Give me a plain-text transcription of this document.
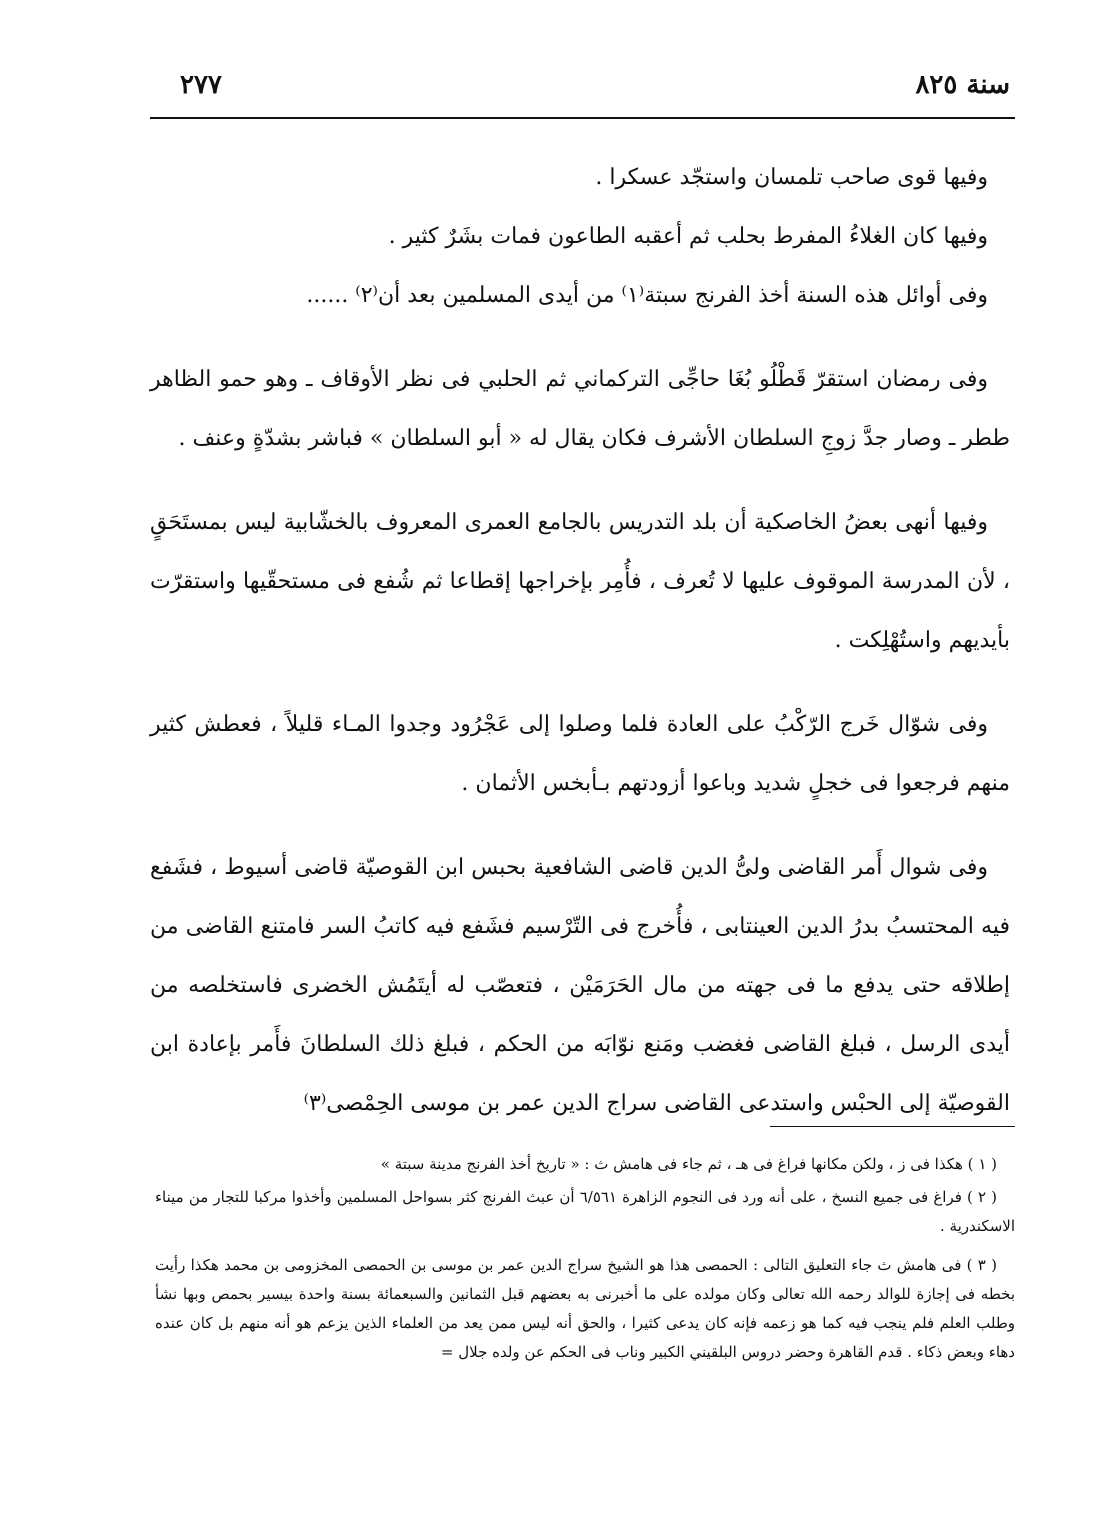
سنة ٨٢٥
٢٧٧

وفيها قوى صاحب تلمسان واستجّد عسكرا .

وفيها كان الغلاءُ المفرط بحلب ثم أعقبه الطاعون فمات بشَرٌ كثير .

وفى أوائل هذه السنة أخذ الفرنج سبتة⁽١⁾ من أيدى المسلمين بعد أن⁽٢⁾ ......

وفى رمضان استقرّ قَطْلُو بُغَا حاجِّى التركماني ثم الحلبي فى نظر الأوقاف ـ وهو حمو الظاهر ططر ـ وصار جدَّ زوجِ السلطان الأشرف فكان يقال له « أبو السلطان » فباشر بشدّةٍ وعنف .

وفيها أنهى بعضُ الخاصكية أن بلد التدريس بالجامع العمرى المعروف بالخشّابية ليس بمستَحَقٍ ، لأن المدرسة الموقوف عليها لا تُعرف ، فأُمِر بإخراجها إقطاعا ثم شُفع فى مستحقّيها واستقرّت بأيديهم واستُهْلِكت .

وفى شوّال خَرج الرّكْبُ على العادة فلما وصلوا إلى عَجْرُود وجدوا المـاء قليلاً ، فعطش كثير منهم فرجعوا فى خجلٍ شديد وباعوا أزودتهم بـأبخس الأثمان .

وفى شوال أَمر القاضى ولىُّ الدين قاضى الشافعية بحبس ابن القوصيّة قاضى أسيوط ، فشَفع فيه المحتسبُ بدرُ الدين العينتابى ، فأُخرج فى التّرْسيم فشَفع فيه كاتبُ السر فامتنع القاضى من إطلاقه حتى يدفع ما فى جهته من مال الحَرَمَيْن ، فتعصّب له أيتَمُش الخضرى فاستخلصه من أيدى الرسل ، فبلغ القاضى فغضب ومَنع نوّابَه من الحكم ، فبلغ ذلك السلطانَ فأَمر بإعادة ابن القوصيّة إلى الحبْس واستدعى القاضى سراج الدين عمر بن موسى الحِمْصى⁽٣⁾

( ١ ) هكذا فى ز ، ولكن مكانها فراغ فى هـ ، ثم جاء فى هامش ث : « تاريخ أخذ الفرنج مدينة سبتة »

( ٢ ) فراغ فى جميع النسخ ، على أنه ورد فى النجوم الزاهرة ٦/٥٦١ أن عبث الفرنج كثر بسواحل المسلمين وأخذوا مركبا للتجار من ميناء الاسكندرية .

( ٣ ) فى هامش ث جاء التعليق التالى : الحمصى هذا هو الشيخ سراج الدين عمر بن موسى بن الحمصى المخزومى بن محمد هكذا رأيت بخطه فى إجازة للوالد رحمه الله تعالى وكان مولده على ما أخبرنى به بعضهم قبل الثمانين والسبعمائة بسنة واحدة بيسير بحمص وبها نشأ وطلب العلم فلم ينجب فيه كما هو زعمه فإنه كان يدعى كثيرا ، والحق أنه ليس ممن يعد من العلماء الذين يزعم هو أنه منهم بل كان عنده دهاء وبعض ذكاء . قدم القاهرة وحضر دروس البلقيني الكبير وناب فى الحكم عن ولده جلال =
